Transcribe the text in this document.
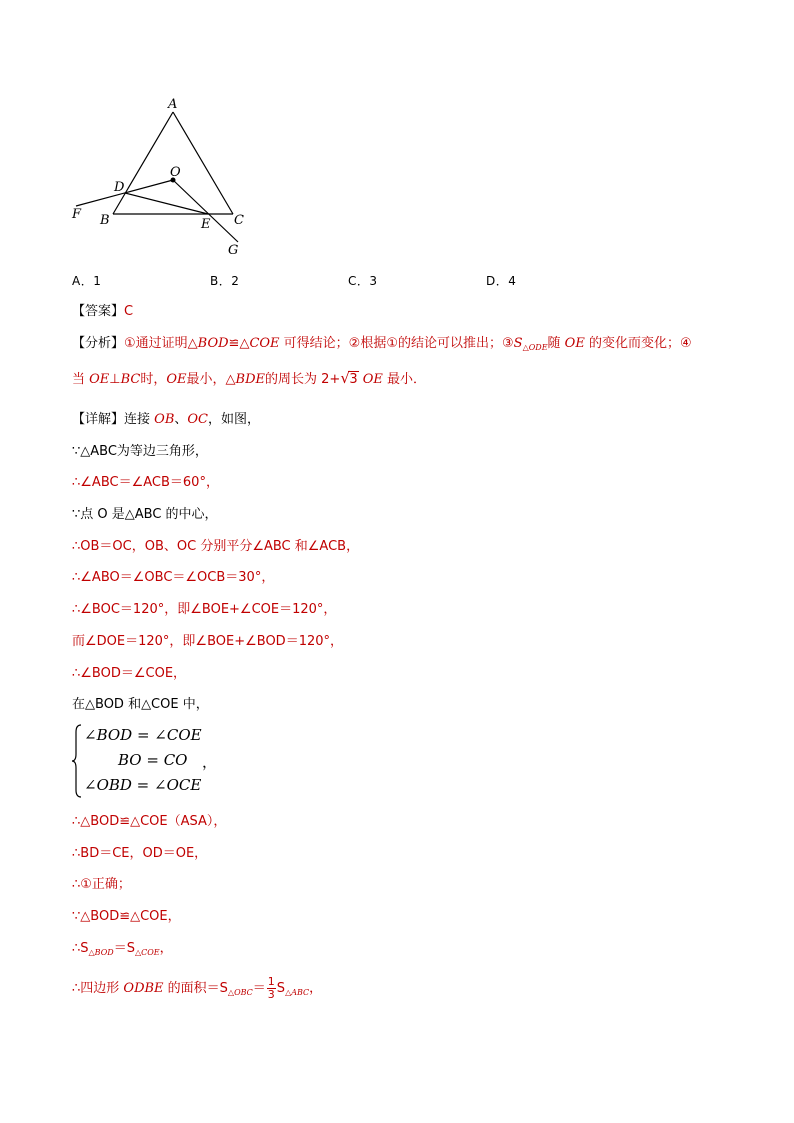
A
O
D
F B	E C
G
A．1	B．2	C．3	D．4
【答案】C
【分析】①通过证明△BOD≌△COE 可得结论；②根据①的结论可以推出；$③S_{\triangle ODE}$随 OE 的变化而变化；④
当 OE⊥BC时，OE最小，△BDE的周长为 2+ √ 3 OE 最小．
【详解】连接 OB、OC，如图，
∵△ABC为等边三角形，
∴∠ABC＝∠ACB＝60°，
∵点 O 是△ABC 的中心，
∴OB＝OC，OB、OC 分别平分∠ABC 和∠ACB，
∴∠ABO＝∠OBC＝∠OCB＝30°，
∴∠BOC＝120°，即∠BOE+∠COE＝120°，
而∠DOE＝120°，即∠BOE+∠BOD＝120°，
∴∠BOD＝∠COE，
在△BOD 和△COE 中，
∠BOD = ∠COE
BO = CO ，
∠OBD = ∠OCE
∴△BOD≌△COE（ASA），
∴BD＝CE，OD＝OE，
∴①正确；
∵△BOD≌△COE，
$\therefore S_{\triangle BOD}=S_{\triangle COE}$，
∴四边形 ODBE 的面积$=S_{\triangle OBC}= \frac{1}{3} S_{\triangle ABC}$，
